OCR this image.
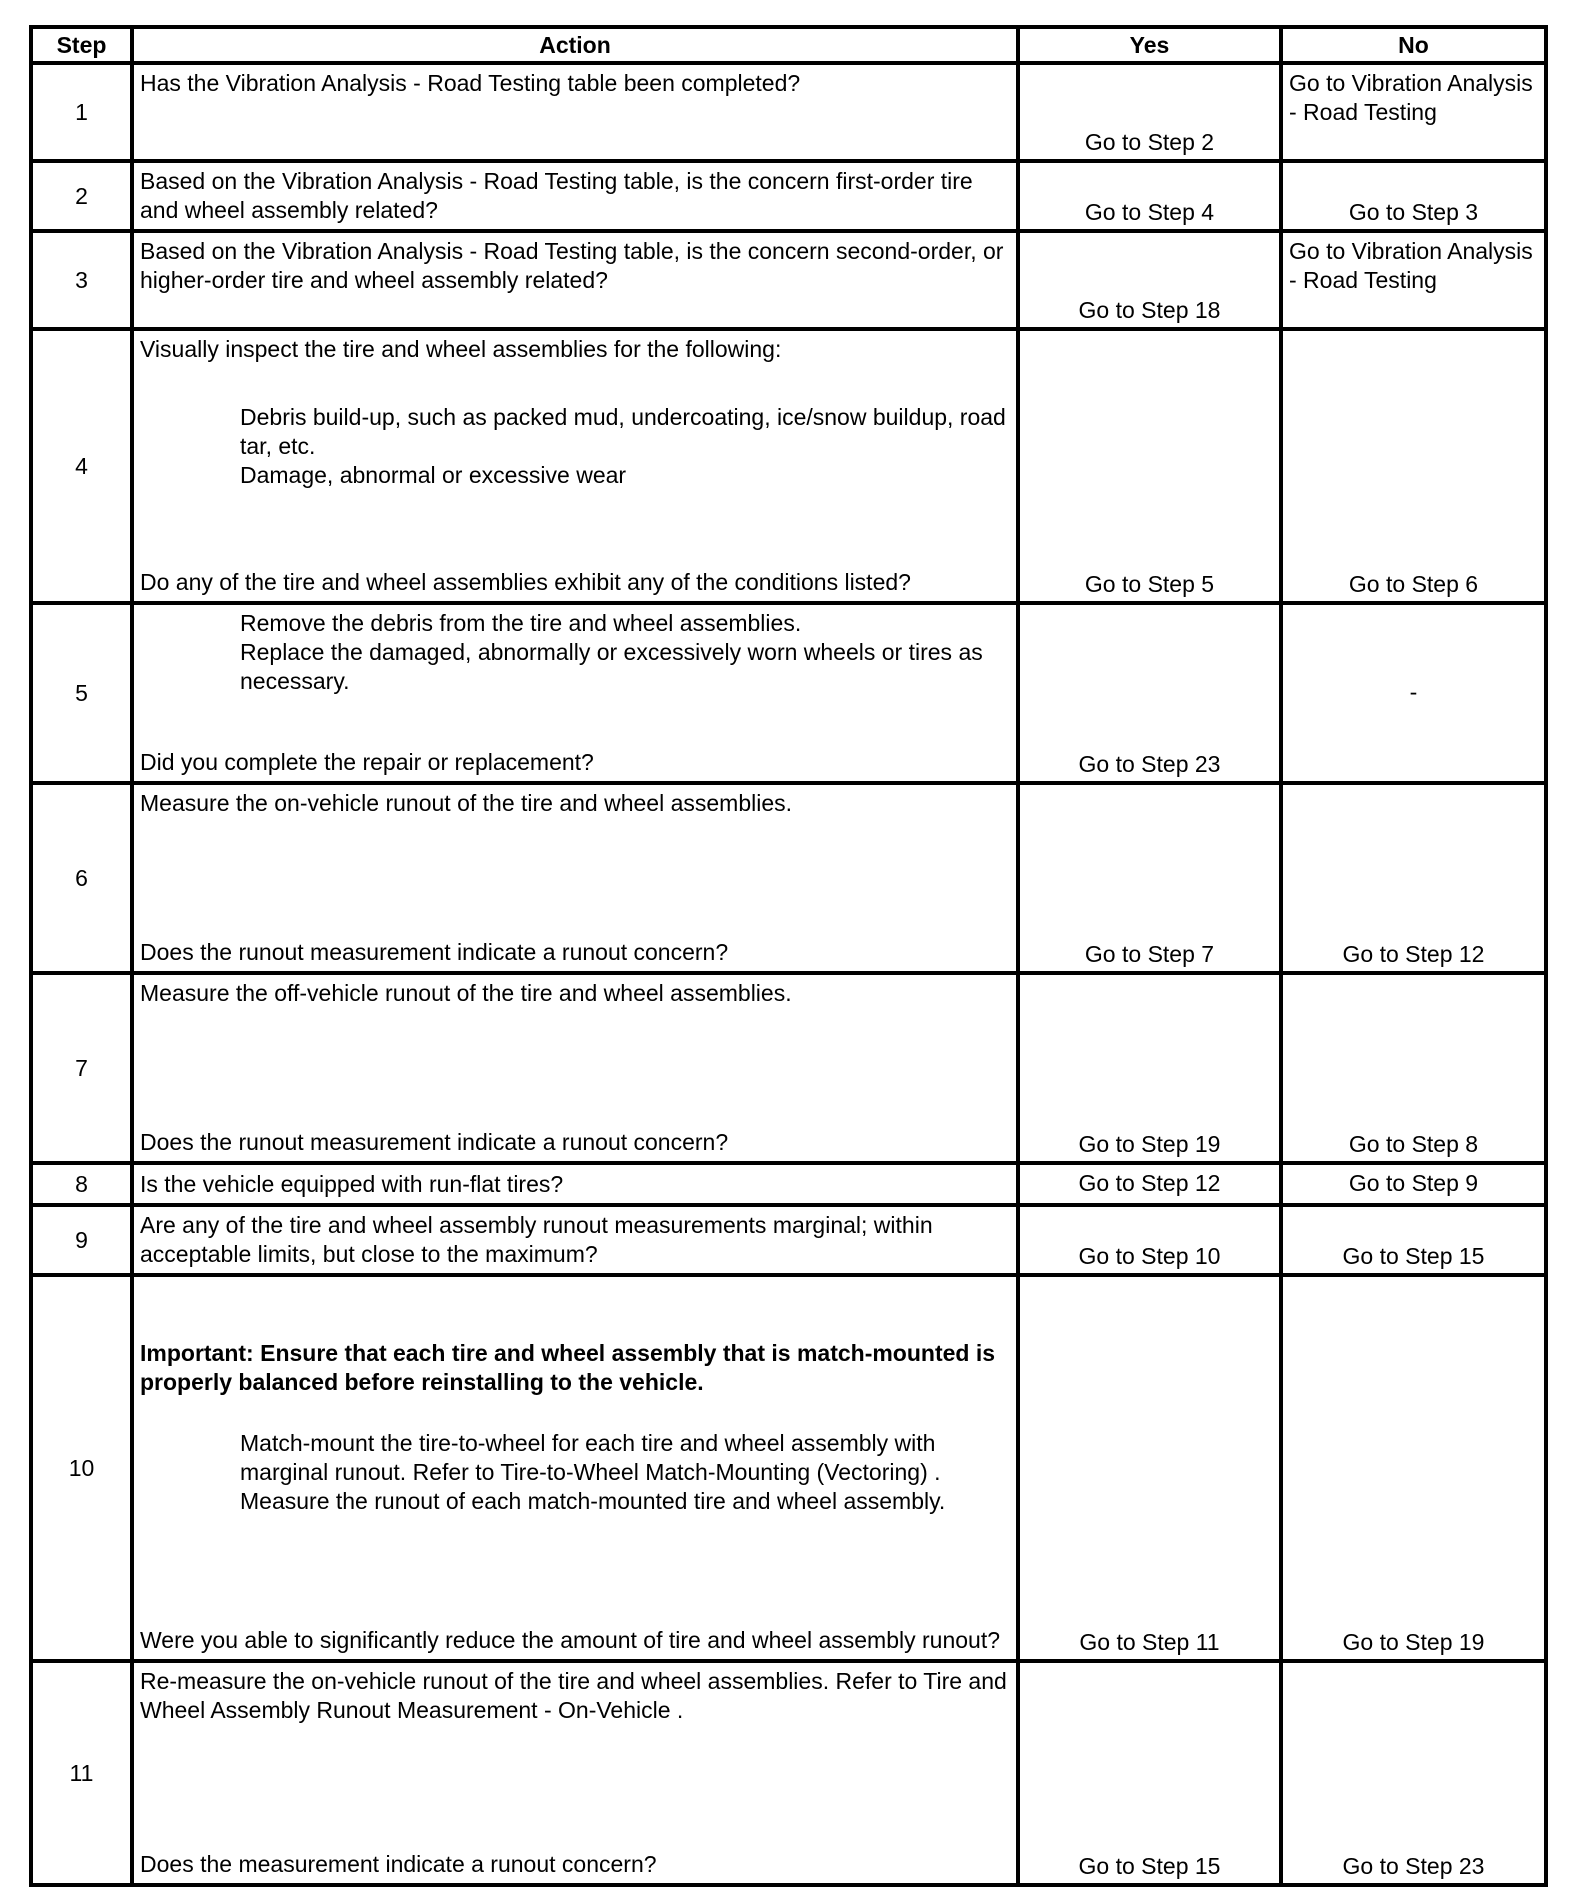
Step	Action	Yes	No
1	Has the Vibration Analysis - Road Testing table been completed?	Go to Step 2	Go to Vibration Analysis - Road Testing
2	Based on the Vibration Analysis - Road Testing table, is the concern first-order tire and wheel assembly related?	Go to Step 4	Go to Step 3
3	Based on the Vibration Analysis - Road Testing table, is the concern second-order, or higher-order tire and wheel assembly related?	Go to Step 18	Go to Vibration Analysis - Road Testing
4	Visually inspect the tire and wheel assemblies for the following:
Debris build-up, such as packed mud, undercoating, ice/snow buildup, road tar, etc.
Damage, abnormal or excessive wear
Do any of the tire and wheel assemblies exhibit any of the conditions listed?	Go to Step 5	Go to Step 6
5	Remove the debris from the tire and wheel assemblies.
Replace the damaged, abnormally or excessively worn wheels or tires as necessary.
Did you complete the repair or replacement?	Go to Step 23	-
6	Measure the on-vehicle runout of the tire and wheel assemblies.
Does the runout measurement indicate a runout concern?	Go to Step 7	Go to Step 12
7	Measure the off-vehicle runout of the tire and wheel assemblies.
Does the runout measurement indicate a runout concern?	Go to Step 19	Go to Step 8
8	Is the vehicle equipped with run-flat tires?	Go to Step 12	Go to Step 9
9	Are any of the tire and wheel assembly runout measurements marginal; within acceptable limits, but close to the maximum?	Go to Step 10	Go to Step 15
10	Important: Ensure that each tire and wheel assembly that is match-mounted is properly balanced before reinstalling to the vehicle.
Match-mount the tire-to-wheel for each tire and wheel assembly with marginal runout. Refer to Tire-to-Wheel Match-Mounting (Vectoring) .
Measure the runout of each match-mounted tire and wheel assembly.
Were you able to significantly reduce the amount of tire and wheel assembly runout?	Go to Step 11	Go to Step 19
11	Re-measure the on-vehicle runout of the tire and wheel assemblies. Refer to Tire and Wheel Assembly Runout Measurement - On-Vehicle .
Does the measurement indicate a runout concern?	Go to Step 15	Go to Step 23
